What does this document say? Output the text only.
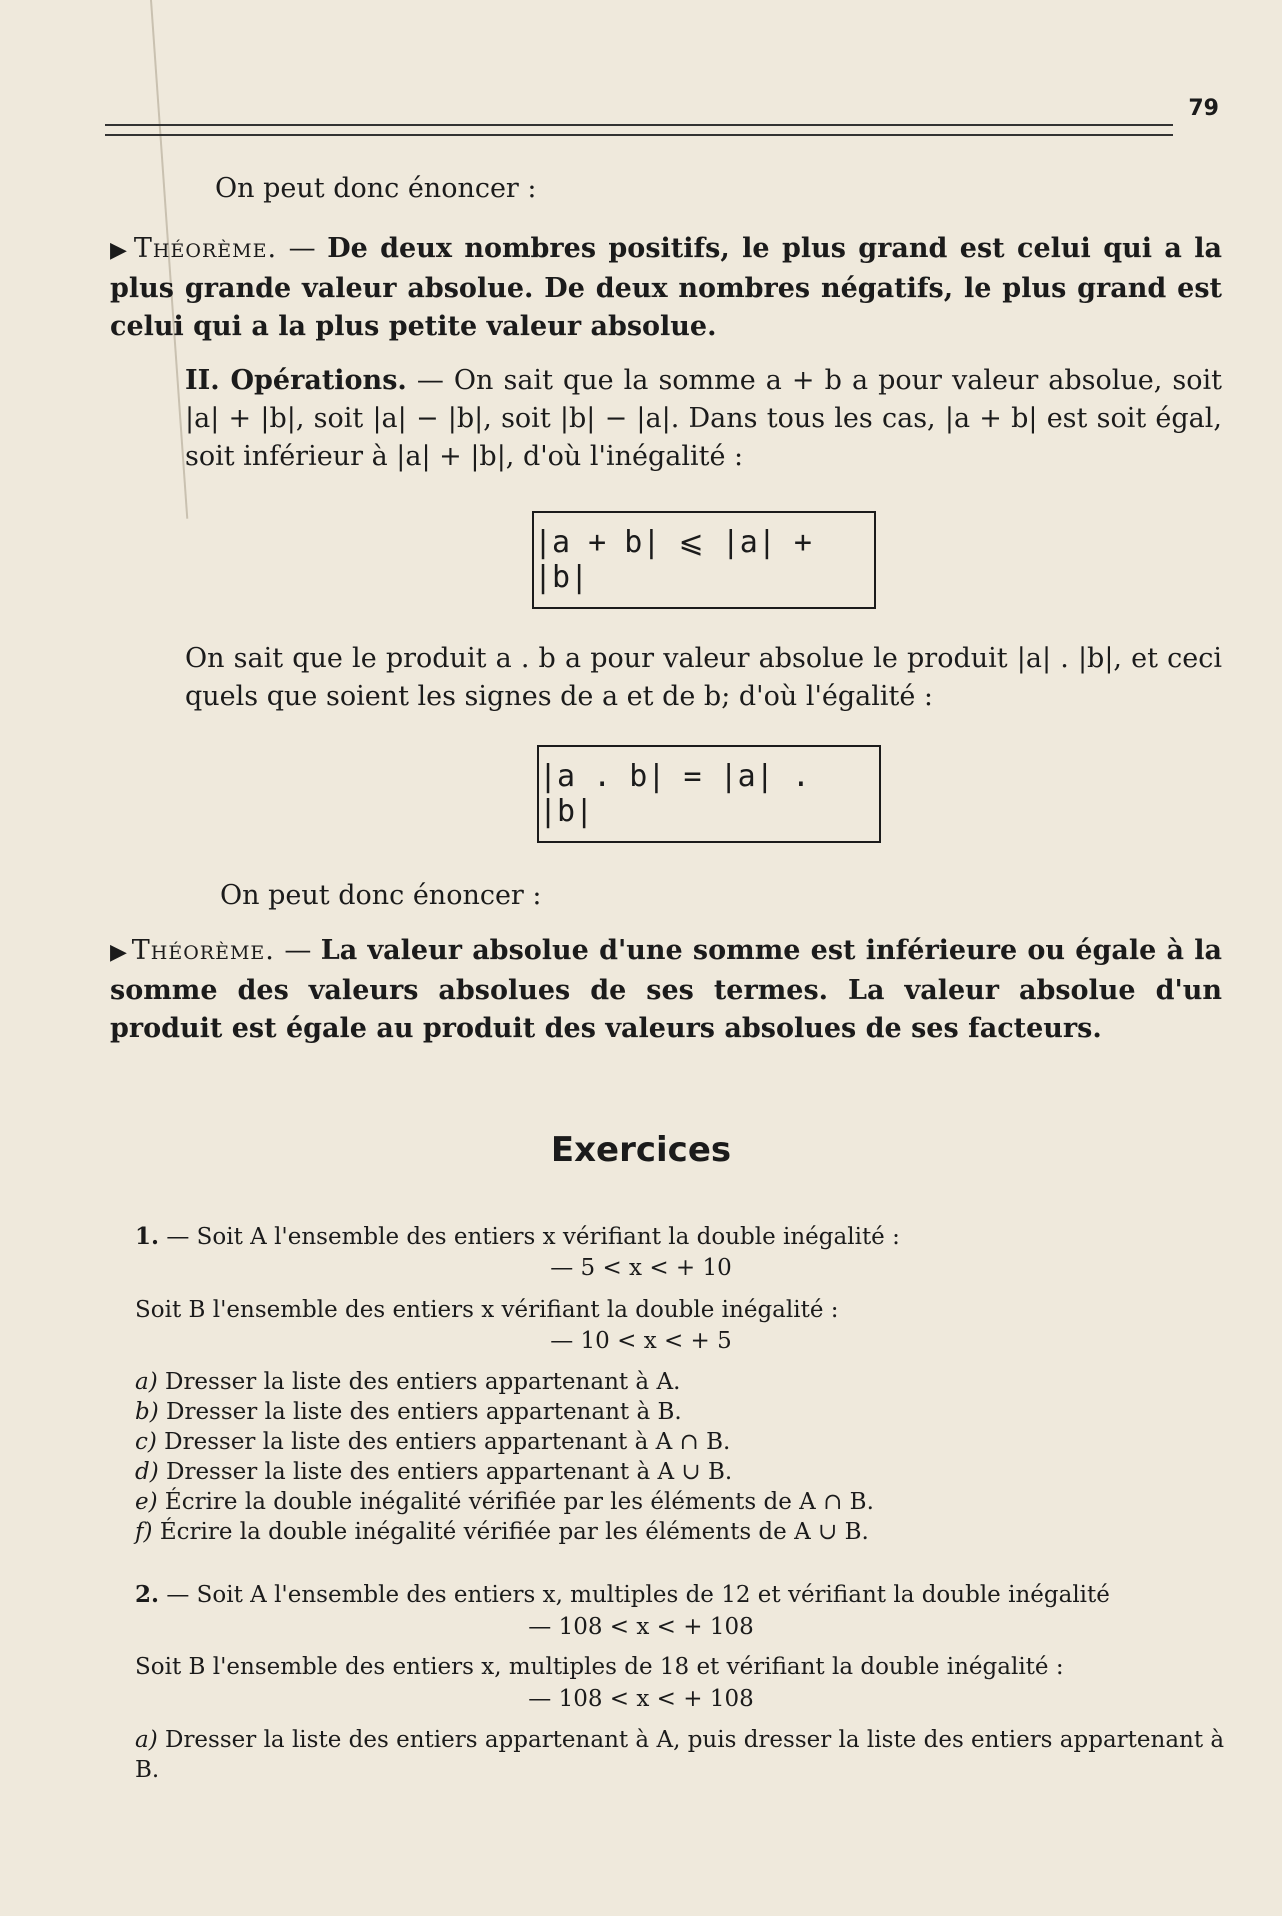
79
On peut donc énoncer :
▶ Théorème. — De deux nombres positifs, le plus grand est celui qui a la plus grande valeur absolue. De deux nombres négatifs, le plus grand est celui qui a la plus petite valeur absolue.
II. Opérations. — On sait que la somme a + b a pour valeur absolue, soit |a| + |b|, soit |a| − |b|, soit |b| − |a|. Dans tous les cas, |a + b| est soit égal, soit inférieur à |a| + |b|, d'où l'inégalité :
|a + b| ⩽ |a| + |b|
On sait que le produit a . b a pour valeur absolue le produit |a| . |b|, et ceci quels que soient les signes de a et de b; d'où l'égalité :
|a . b| = |a| . |b|
On peut donc énoncer :
▶ Théorème. — La valeur absolue d'une somme est inférieure ou égale à la somme des valeurs absolues de ses termes. La valeur absolue d'un produit est égale au produit des valeurs absolues de ses facteurs.
Exercices
1. — Soit A l'ensemble des entiers x vérifiant la double inégalité :
— 5 < x < + 10
Soit B l'ensemble des entiers x vérifiant la double inégalité :
— 10 < x < + 5
a) Dresser la liste des entiers appartenant à A.
b) Dresser la liste des entiers appartenant à B.
c) Dresser la liste des entiers appartenant à A ∩ B.
d) Dresser la liste des entiers appartenant à A ∪ B.
e) Écrire la double inégalité vérifiée par les éléments de A ∩ B.
f) Écrire la double inégalité vérifiée par les éléments de A ∪ B.
2. — Soit A l'ensemble des entiers x, multiples de 12 et vérifiant la double inégalité
— 108 < x < + 108
Soit B l'ensemble des entiers x, multiples de 18 et vérifiant la double inégalité :
— 108 < x < + 108
a) Dresser la liste des entiers appartenant à A, puis dresser la liste des entiers appartenant à B.
